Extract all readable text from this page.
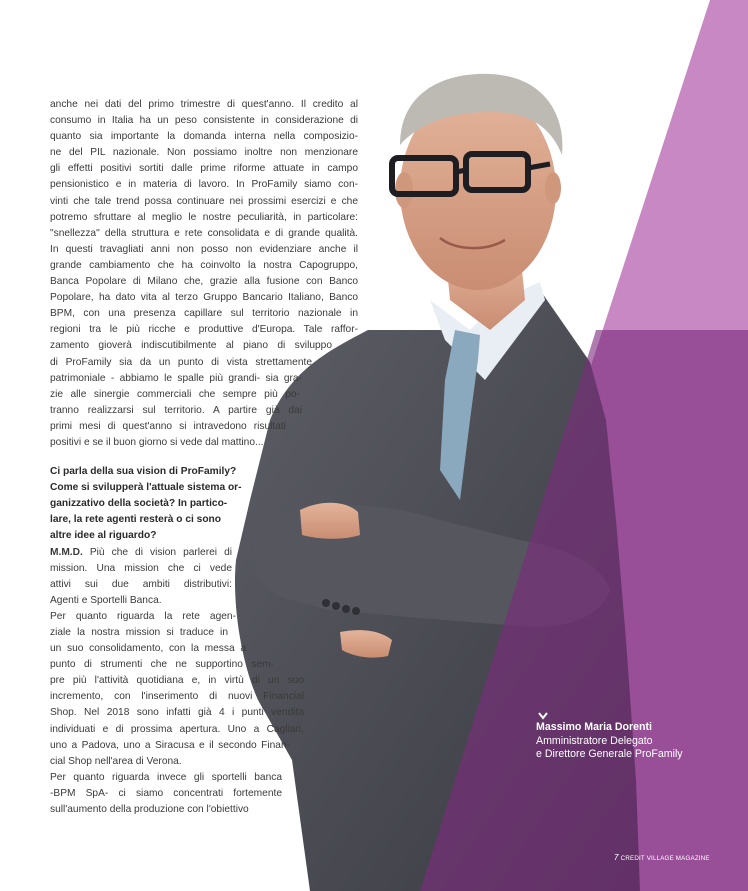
anche nei dati del primo trimestre di quest'anno. Il credito al
consumo in Italia ha un peso consistente in considerazione di
quanto sia importante la domanda interna nella composizio-
ne del PIL nazionale. Non possiamo inoltre non menzionare
gli effetti positivi sortiti dalle prime riforme attuate in campo
pensionistico e in materia di lavoro. In ProFamily siamo con-
vinti che tale trend possa continuare nei prossimi esercizi e che
potremo sfruttare al meglio le nostre peculiarità, in particolare:
"snellezza" della struttura e rete consolidata e di grande qualità.
In questi travagliati anni non posso non evidenziare anche il
grande cambiamento che ha coinvolto la nostra Capogruppo,
Banca Popolare di Milano che, grazie alla fusione con Banco
Popolare, ha dato vita al terzo Gruppo Bancario Italiano, Banco
BPM, con una presenza capillare sul territorio nazionale in
regioni tra le più ricche e produttive d'Europa. Tale raffor-
zamento gioverà indiscutibilmente al piano di sviluppo
di ProFamily sia da un punto di vista strettamente
patrimoniale - abbiamo le spalle più grandi- sia gra-
zie alle sinergie commerciali che sempre più po-
tranno realizzarsi sul territorio. A partire già dai
primi mesi di quest'anno si intravedono risultati
positivi e se il buon giorno si vede dal mattino...
Ci parla della sua vision di ProFamily?
Come si svilupperà l'attuale sistema or-
ganizzativo della società? In partico-
lare, la rete agenti resterà o ci sono
altre idee al riguardo?
M.M.D. Più che di vision parlerei di
mission. Una mission che ci vede
attivi sui due ambiti distributivi:
Agenti e Sportelli Banca.
Per quanto riguarda la rete agen-
ziale la nostra mission si traduce in
un suo consolidamento, con la messa a
punto di strumenti che ne supportino sem-
pre più l'attività quotidiana e, in virtù di un suo
incremento, con l'inserimento di nuovi Financial
Shop. Nel 2018 sono infatti già 4 i punti vendita
individuati e di prossima apertura. Uno a Cagliari,
uno a Padova, uno a Siracusa e il secondo Finan-
cial Shop nell'area di Verona.
Per quanto riguarda invece gli sportelli banca
-BPM SpA- ci siamo concentrati fortemente
sull'aumento della produzione con l'obiettivo
Massimo Maria Dorenti
Amministratore Delegato
e Direttore Generale ProFamily
7 CREDIT VILLAGE MAGAZINE
